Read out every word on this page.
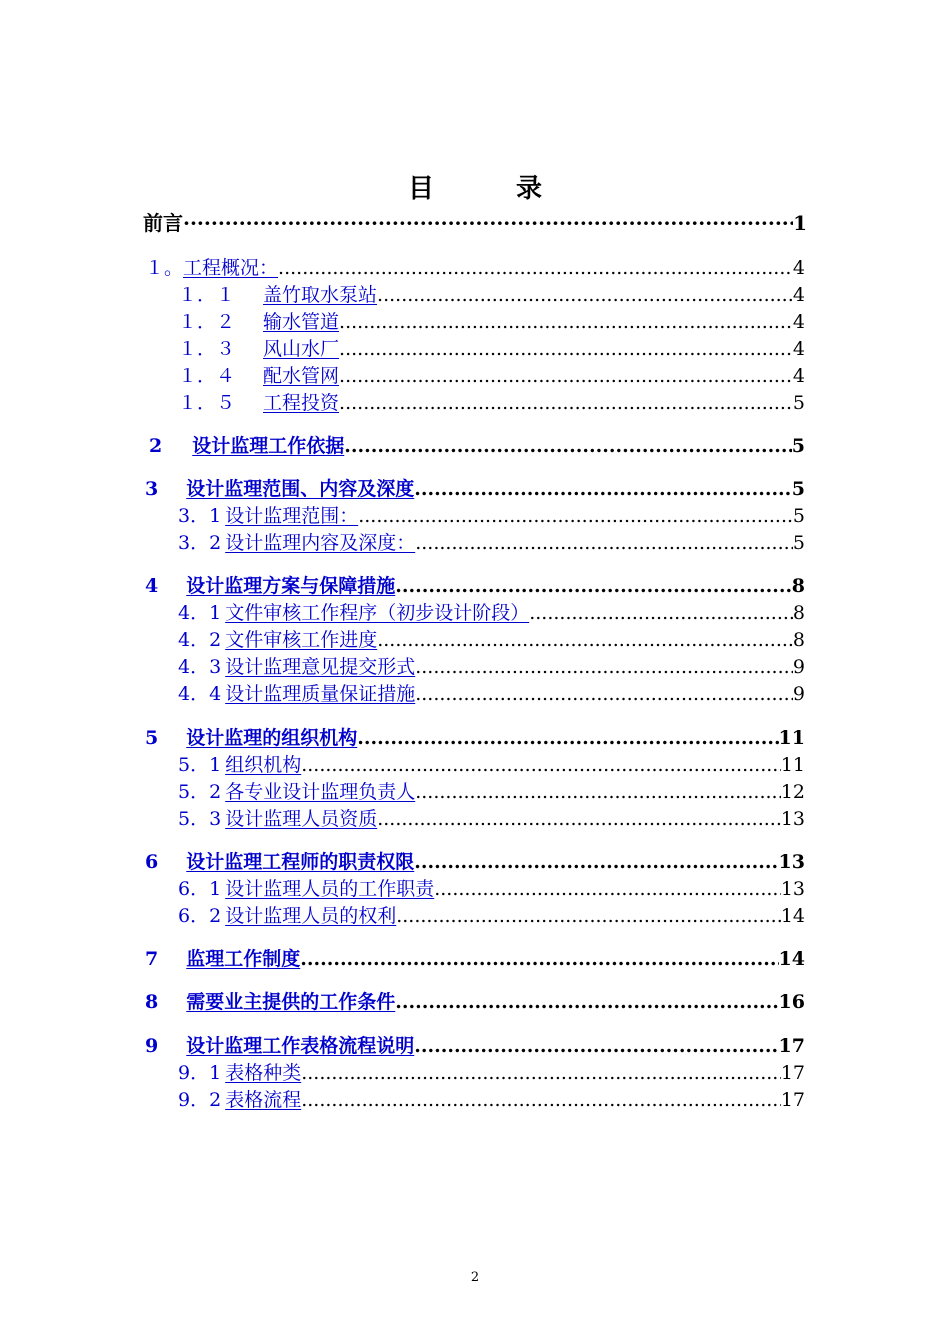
目　录
前言 ·····	1
１。工程概况： .....	4
１．１ 盖竹取水泵站 .....	4
１．２ 输水管道 .....	4
１．３ 风山水厂 .....	4
１．４ 配水管网 .....	4
１．５ 工程投资 .....	5
2 设计监理工作依据 .....	5
3 设计监理范围、内容及深度 .....	5
3．1 设计监理范围： .....	5
3．2 设计监理内容及深度： .....	5
4 设计监理方案与保障措施 .....	8
4．1 文件审核工作程序（初步设计阶段） .....	8
4．2 文件审核工作进度 .....	8
4．3 设计监理意见提交形式 .....	9
4．4 设计监理质量保证措施 .....	9
5 设计监理的组织机构 .....	11
5．1 组织机构 .....	11
5．2 各专业设计监理负责人 .....	12
5．3 设计监理人员资质 .....	13
6 设计监理工程师的职责权限 .....	13
6．1 设计监理人员的工作职责 .....	13
6．2 设计监理人员的权利 .....	14
7 监理工作制度 .....	14
8 需要业主提供的工作条件 .....	16
9 设计监理工作表格流程说明 .....	17
9．1 表格种类 .....	17
9．2 表格流程 .....	17
2
